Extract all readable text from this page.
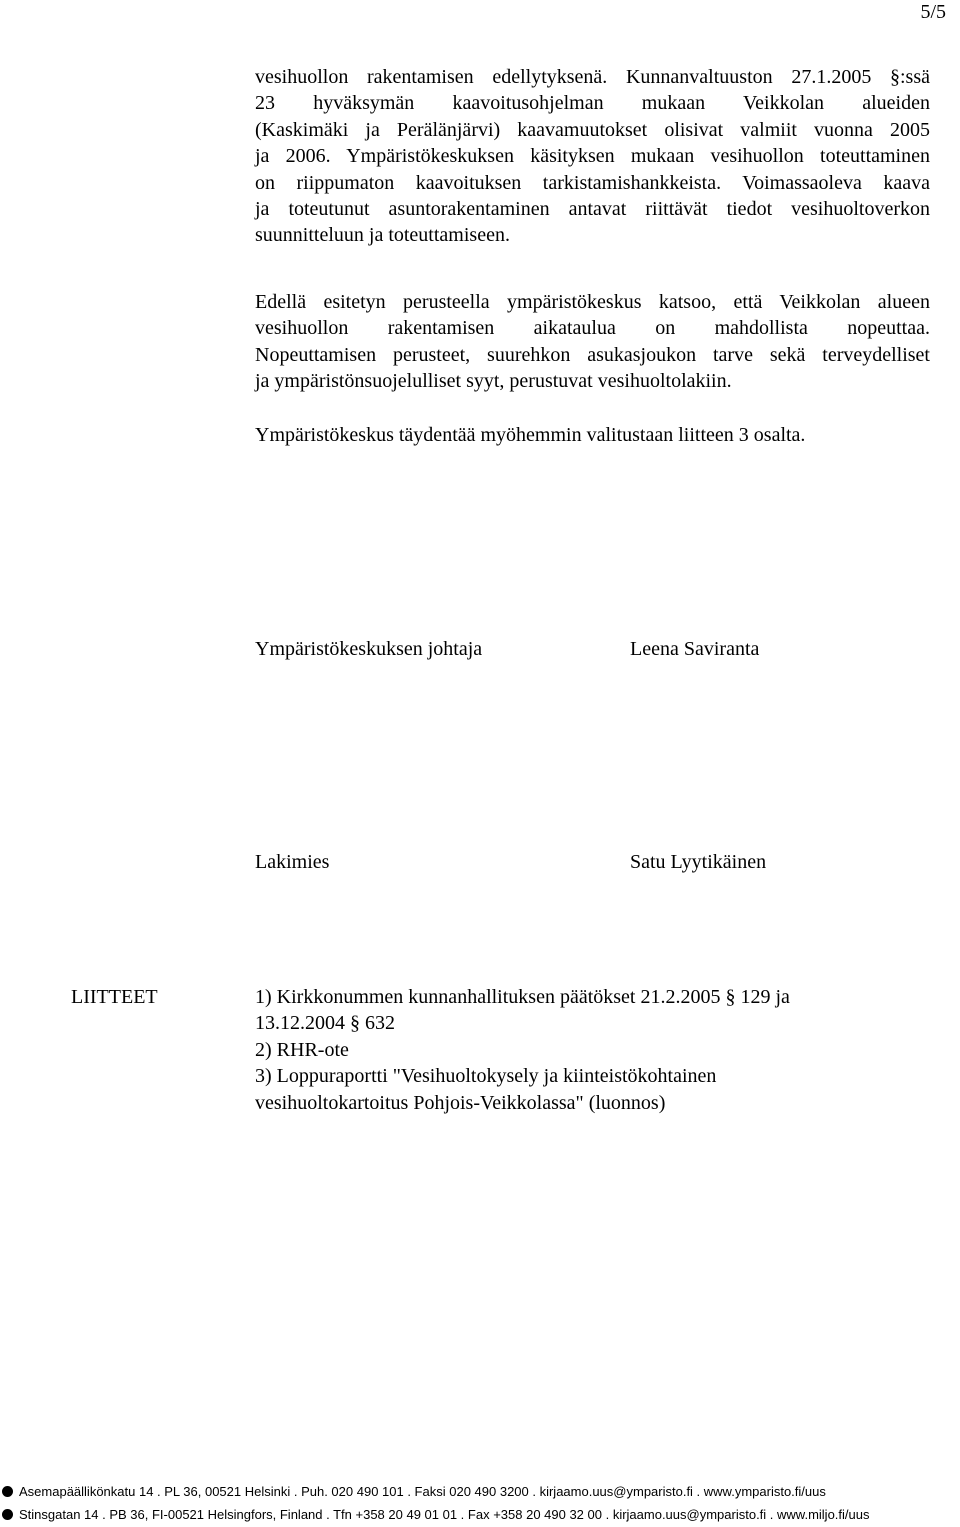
5/5
vesihuollon rakentamisen edellytyksenä. Kunnanvaltuuston 27.1.2005 §:ssä
23 hyväksymän kaavoitusohjelman mukaan Veikkolan alueiden
(Kaskimäki ja Perälänjärvi) kaavamuutokset olisivat valmiit vuonna 2005
ja 2006. Ympäristökeskuksen käsityksen mukaan vesihuollon toteuttaminen
on riippumaton kaavoituksen tarkistamishankkeista. Voimassaoleva kaava
ja toteutunut asuntorakentaminen antavat riittävät tiedot vesihuoltoverkon
suunnitteluun ja toteuttamiseen.
Edellä esitetyn perusteella ympäristökeskus katsoo, että Veikkolan alueen
vesihuollon rakentamisen aikataulua on mahdollista nopeuttaa.
Nopeuttamisen perusteet, suurehkon asukasjoukon tarve sekä terveydelliset
ja ympäristönsuojelulliset syyt, perustuvat vesihuoltolakiin.
Ympäristökeskus täydentää myöhemmin valitustaan liitteen 3 osalta.
Ympäristökeskuksen johtaja	Leena Saviranta
Lakimies	Satu Lyytikäinen
LIITTEET	1) Kirkkonummen kunnanhallituksen päätökset 21.2.2005 § 129 ja
13.12.2004 § 632
2) RHR-ote
3) Loppuraportti "Vesihuoltokysely ja kiinteistökohtainen
vesihuoltokartoitus Pohjois-Veikkolassa" (luonnos)
Asemapäällikönkatu 14 . PL 36, 00521 Helsinki . Puh. 020 490 101 . Faksi 020 490 3200 . kirjaamo.uus@ymparisto.fi . www.ymparisto.fi/uus
Stinsgatan 14 . PB 36, FI-00521 Helsingfors, Finland . Tfn +358 20 49 01 01 . Fax +358 20 490 32 00 . kirjaamo.uus@ymparisto.fi . www.miljo.fi/uus
